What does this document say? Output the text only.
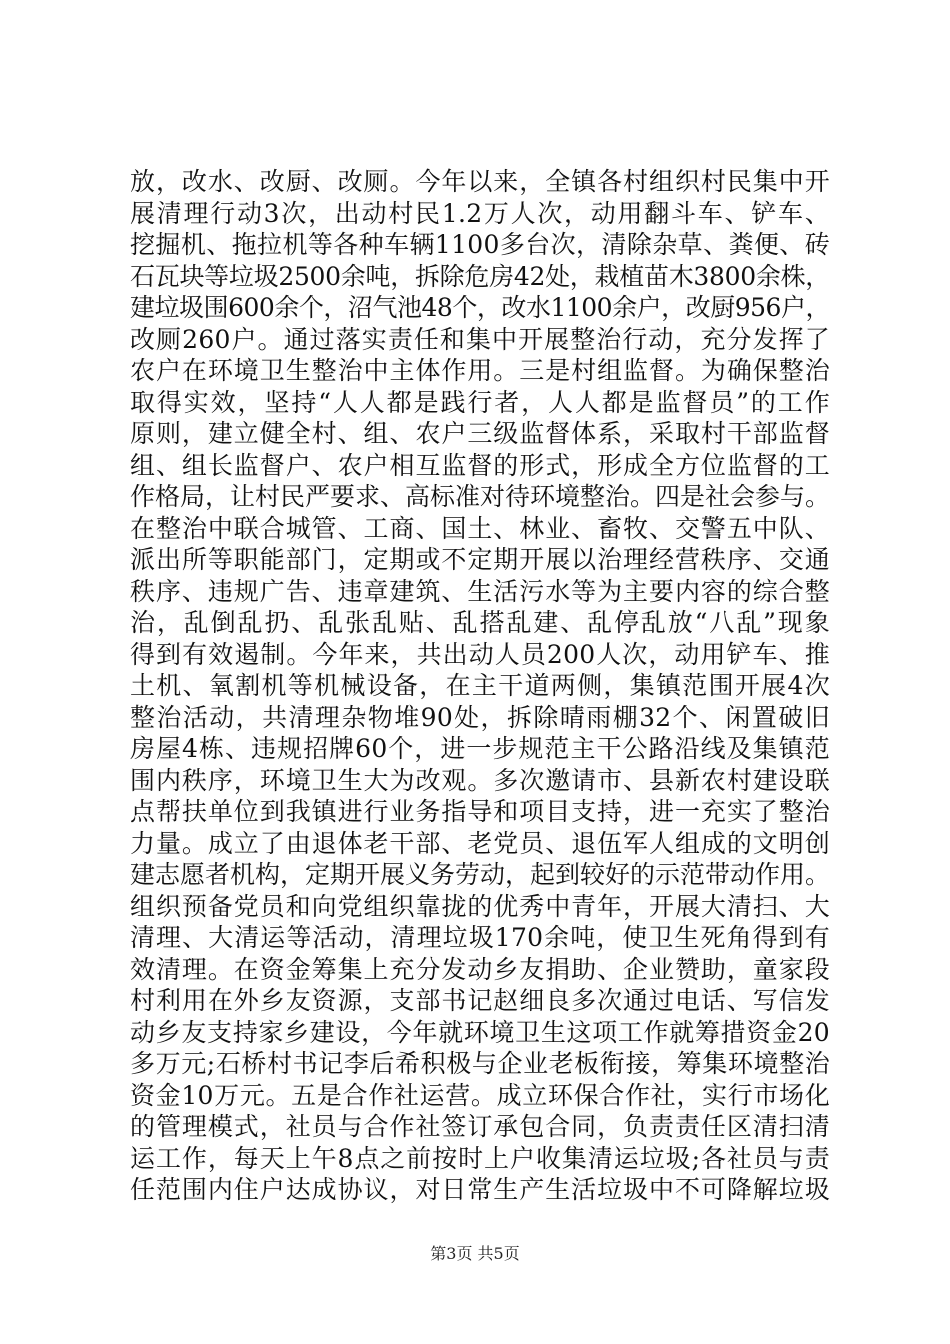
放，改水、改厨、改厕。今年以来，全镇各村组织村民集中开
展清理行动3次，出动村民1.2万人次，动用翻斗车、铲车、
挖掘机、拖拉机等各种车辆1100多台次，清除杂草、粪便、砖
石瓦块等垃圾2500余吨，拆除危房42处，栽植苗木3800余株，
建垃圾围600余个，沼气池48个，改水1100余户，改厨956户，
改厕260户。通过落实责任和集中开展整治行动，充分发挥了
农户在环境卫生整治中主体作用。三是村组监督。为确保整治
取得实效，坚持“人人都是践行者，人人都是监督员”的工作
原则，建立健全村、组、农户三级监督体系，采取村干部监督
组、组长监督户、农户相互监督的形式，形成全方位监督的工
作格局，让村民严要求、高标准对待环境整治。四是社会参与。
在整治中联合城管、工商、国土、林业、畜牧、交警五中队、
派出所等职能部门，定期或不定期开展以治理经营秩序、交通
秩序、违规广告、违章建筑、生活污水等为主要内容的综合整
治，乱倒乱扔、乱张乱贴、乱搭乱建、乱停乱放“八乱”现象
得到有效遏制。今年来，共出动人员200人次，动用铲车、推
土机、氧割机等机械设备，在主干道两侧，集镇范围开展4次
整治活动，共清理杂物堆90处，拆除晴雨棚32个、闲置破旧
房屋4栋、违规招牌60个，进一步规范主干公路沿线及集镇范
围内秩序，环境卫生大为改观。多次邀请市、县新农村建设联
点帮扶单位到我镇进行业务指导和项目支持，进一充实了整治
力量。成立了由退体老干部、老党员、退伍军人组成的文明创
建志愿者机构，定期开展义务劳动，起到较好的示范带动作用。
组织预备党员和向党组织靠拢的优秀中青年，开展大清扫、大
清理、大清运等活动，清理垃圾170余吨，使卫生死角得到有
效清理。在资金筹集上充分发动乡友捐助、企业赞助，童家段
村利用在外乡友资源，支部书记赵细良多次通过电话、写信发
动乡友支持家乡建设，今年就环境卫生这项工作就筹措资金20
多万元;石桥村书记李后希积极与企业老板衔接，筹集环境整治
资金10万元。五是合作社运营。成立环保合作社，实行市场化
的管理模式，社员与合作社签订承包合同，负责责任区清扫清
运工作，每天上午8点之前按时上户收集清运垃圾;各社员与责
任范围内住户达成协议，对日常生产生活垃圾中不可降解垃圾
第3页 共5页
